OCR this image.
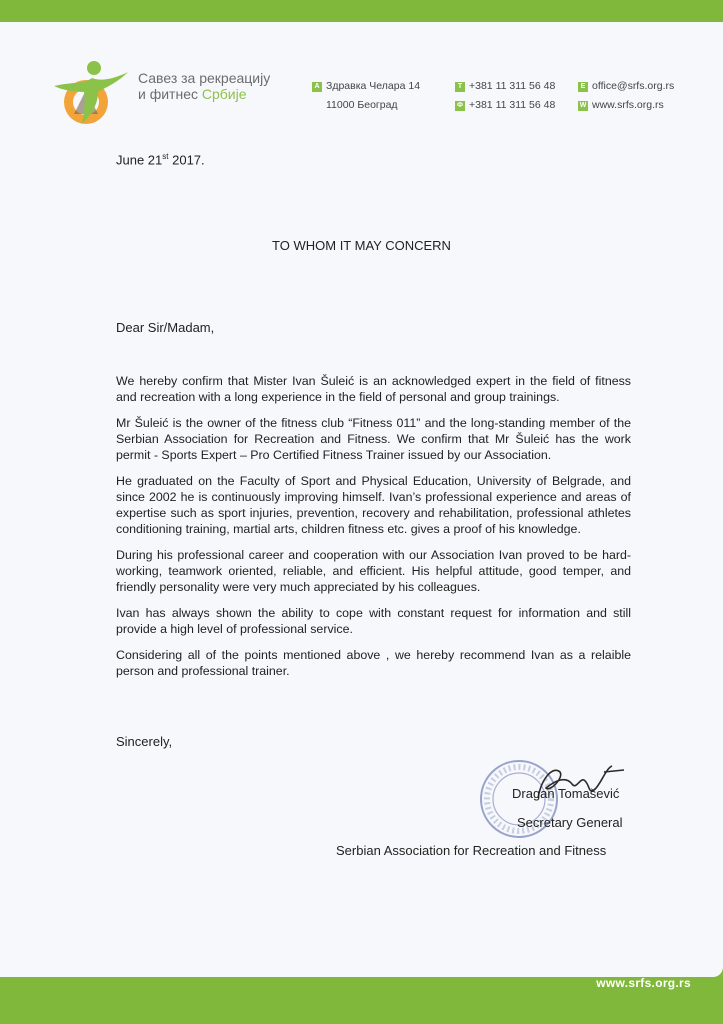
Савез за рекреацију
и фитнес Србије	А Здравка Челара 14
11000 Београд
Т +381 11 311 56 48
Ф +381 11 311 56 48
E office@srfs.org.rs
W www.srfs.org.rs
June 21st 2017.
TO WHOM IT MAY CONCERN
Dear Sir/Madam,

We hereby confirm that Mister Ivan Šuleić is an acknowledged expert in the field of fitness and recreation with a long experience in the field of personal and group trainings.

Mr Šuleić is the owner of the fitness club “Fitness 011” and the long-standing member of the Serbian Association for Recreation and Fitness. We confirm that Mr Šuleić has the work permit - Sports Expert – Pro Certified Fitness Trainer issued by our Association.

He graduated on the Faculty of Sport and Physical Education, University of Belgrade, and since 2002 he is continuously improving himself. Ivan’s professional experience and areas of expertise such as sport injuries, prevention, recovery and rehabilitation, professional athletes conditioning training, martial arts, children fitness etc. gives a proof of his knowledge.

During his professional career and cooperation with our Association Ivan proved to be hard-working, teamwork oriented, reliable, and efficient. His helpful attitude, good temper, and friendly personality were very much appreciated by his colleagues.

Ivan has always shown the ability to cope with constant request for information and still provide a high level of professional service.

Considering all of the points mentioned above , we hereby recommend Ivan as a relaible person and professional trainer.

Sincerely,
Dragan Tomašević
Secretary General
Serbian Association for Recreation and Fitness
www.srfs.org.rs
